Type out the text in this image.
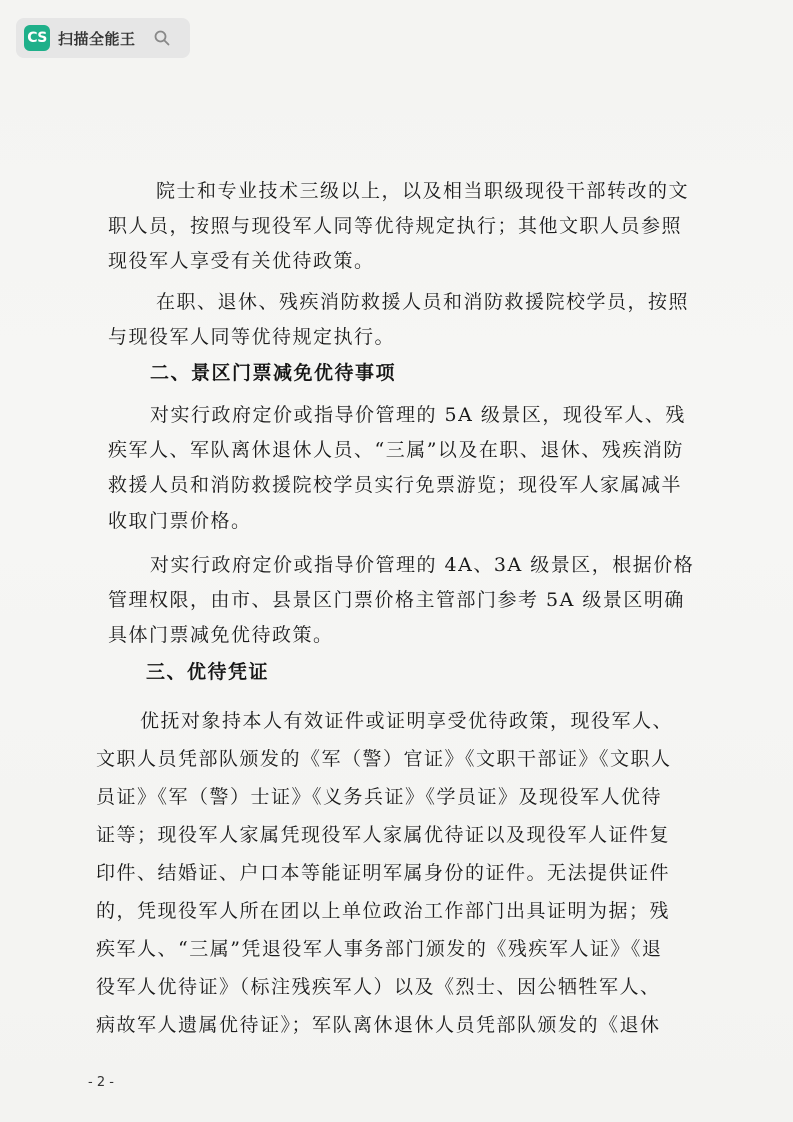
CS 扫描全能王

院士和专业技术三级以上，以及相当职级现役干部转改的文

职人员，按照与现役军人同等优待规定执行；其他文职人员参照

现役军人享受有关优待政策。

在职、退休、残疾消防救援人员和消防救援院校学员，按照

与现役军人同等优待规定执行。

二、景区门票减免优待事项

对实行政府定价或指导价管理的 5A 级景区，现役军人、残

疾军人、军队离休退休人员、“三属”以及在职、退休、残疾消防

救援人员和消防救援院校学员实行免票游览；现役军人家属减半

收取门票价格。

对实行政府定价或指导价管理的 4A、3A 级景区，根据价格

管理权限，由市、县景区门票价格主管部门参考 5A 级景区明确

具体门票减免优待政策。

三、优待凭证

优抚对象持本人有效证件或证明享受优待政策，现役军人、

文职人员凭部队颁发的《军（警）官证》《文职干部证》《文职人

员证》《军（警）士证》《义务兵证》《学员证》及现役军人优待

证等；现役军人家属凭现役军人家属优待证以及现役军人证件复

印件、结婚证、户口本等能证明军属身份的证件。无法提供证件

的，凭现役军人所在团以上单位政治工作部门出具证明为据；残

疾军人、“三属”凭退役军人事务部门颁发的《残疾军人证》《退

役军人优待证》（标注残疾军人）以及《烈士、因公牺牲军人、

病故军人遗属优待证》；军队离休退休人员凭部队颁发的《退休

- 2 -
